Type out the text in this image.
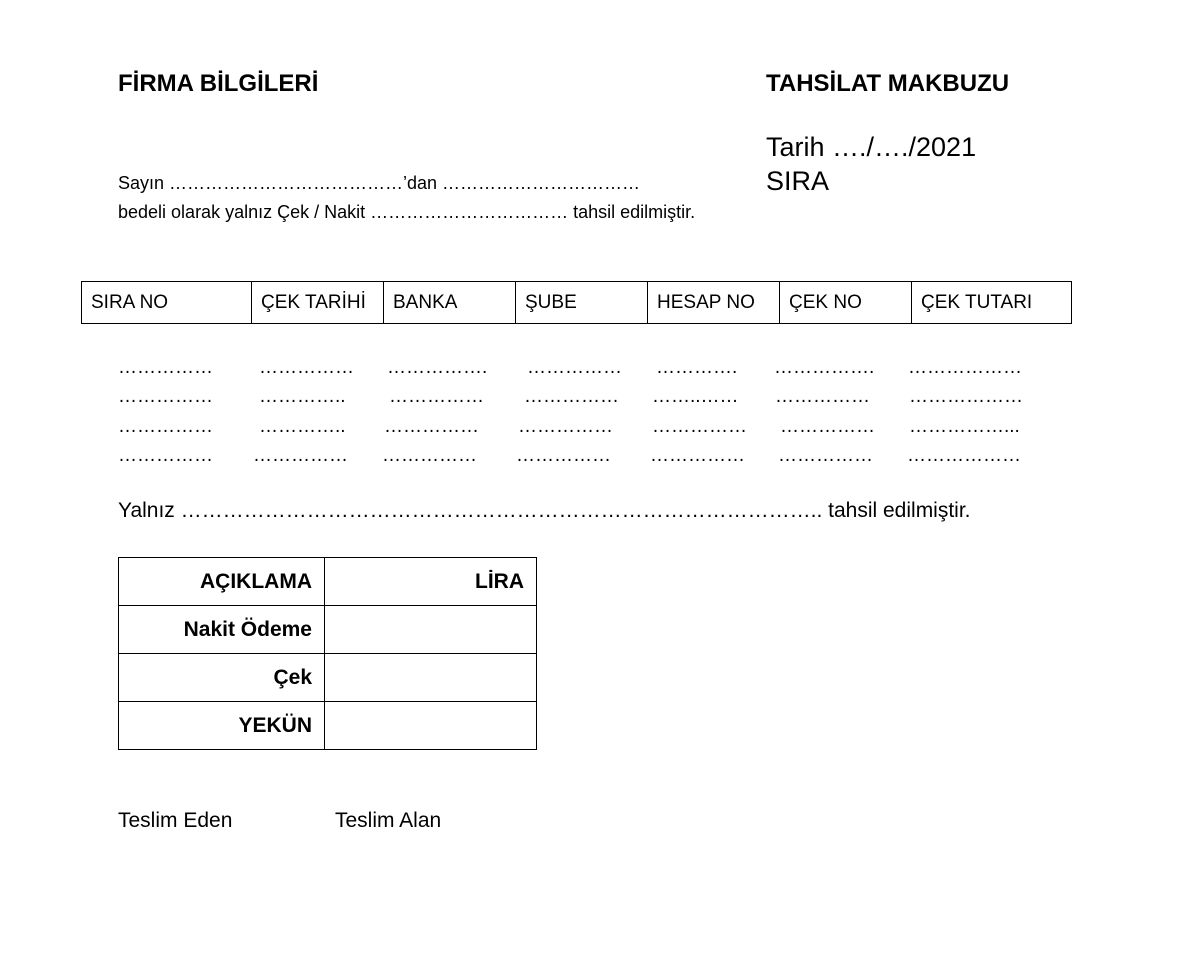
FİRMA BİLGİLERİ	TAHSİLAT MAKBUZU
Tarih …./…./2021
SIRA
Sayın …………………………………’dan ……………………………
bedeli olarak yalnız Çek / Nakit …………………………… tahsil edilmiştir.
SIRA NO	ÇEK TARİHİ	BANKA	ŞUBE	HESAP NO	ÇEK NO	ÇEK TUTARI
…………… …………… ……………. …………… …………. ……………. ………………
…………… ………….. …………… …………… ……..…… …………… ………………
…………… ………….. …………… …………… …………… …………… ……………...
…………… …………… …………… …………… …………… …………… ………………
Yalnız ……………………………………………………………………………….. tahsil edilmiştir.
AÇIKLAMA	LİRA
Nakit Ödeme	
Çek	
YEKÜN	
Teslim Eden	Teslim Alan
